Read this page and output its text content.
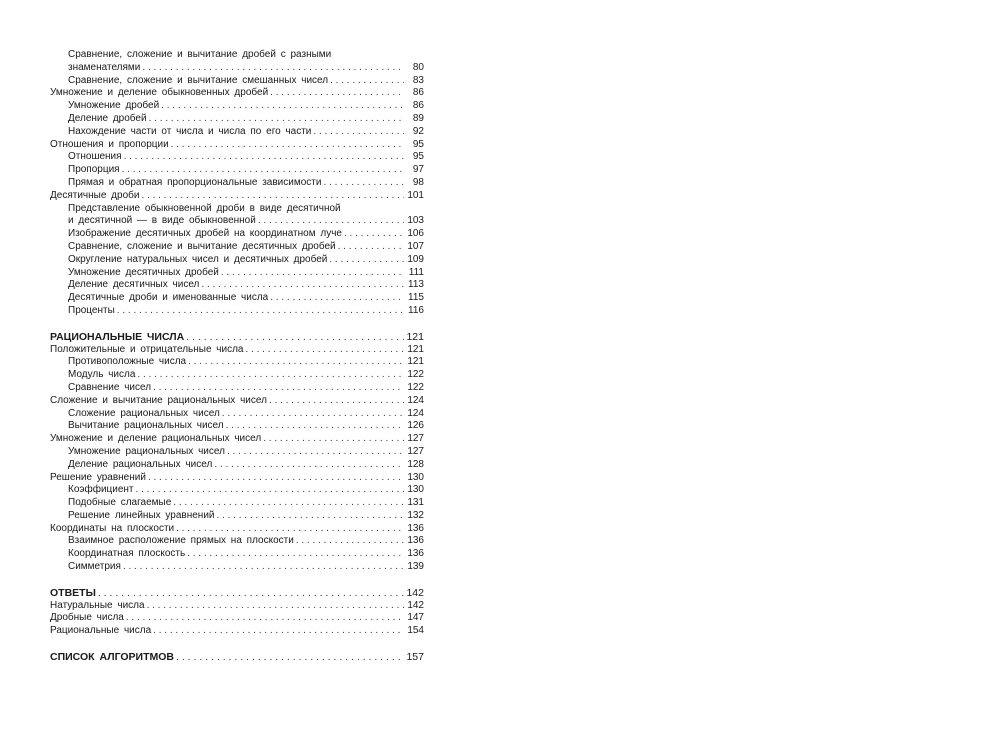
Сравнение, сложение и вычитание дробей с разными
знаменателями . . .	80
Сравнение, сложение и вычитание смешанных чисел . . .	83
Умножение и деление обыкновенных дробей . . .	86
Умножение дробей . . .	86
Деление дробей . . .	89
Нахождение части от числа и числа по его части . . .	92
Отношения и пропорции . . .	95
Отношения . . .	95
Пропорция . . .	97
Прямая и обратная пропорциональные зависимости . . .	98
Десятичные дроби . . .	101
Представление обыкновенной дроби в виде десятичной
и десятичной — в виде обыкновенной . . .	103
Изображение десятичных дробей на координатном луче . . .	106
Сравнение, сложение и вычитание десятичных дробей . . .	107
Округление натуральных чисел и десятичных дробей . . .	109
Умножение десятичных дробей . . .	111
Деление десятичных чисел . . .	113
Десятичные дроби и именованные числа . . .	115
Проценты . . .	116
РАЦИОНАЛЬНЫЕ ЧИСЛА . . .	121
Положительные и отрицательные числа . . .	121
Противоположные числа . . .	121
Модуль числа . . .	122
Сравнение чисел . . .	122
Сложение и вычитание рациональных чисел . . .	124
Сложение рациональных чисел . . .	124
Вычитание рациональных чисел . . .	126
Умножение и деление рациональных чисел . . .	127
Умножение рациональных чисел . . .	127
Деление рациональных чисел . . .	128
Решение уравнений . . .	130
Коэффициент . . .	130
Подобные слагаемые . . .	131
Решение линейных уравнений . . .	132
Координаты на плоскости . . .	136
Взаимное расположение прямых на плоскости . . .	136
Координатная плоскость . . .	136
Симметрия . . .	139
ОТВЕТЫ . . .	142
Натуральные числа . . .	142
Дробные числа . . .	147
Рациональные числа . . .	154
СПИСОК АЛГОРИТМОВ . . .	157
